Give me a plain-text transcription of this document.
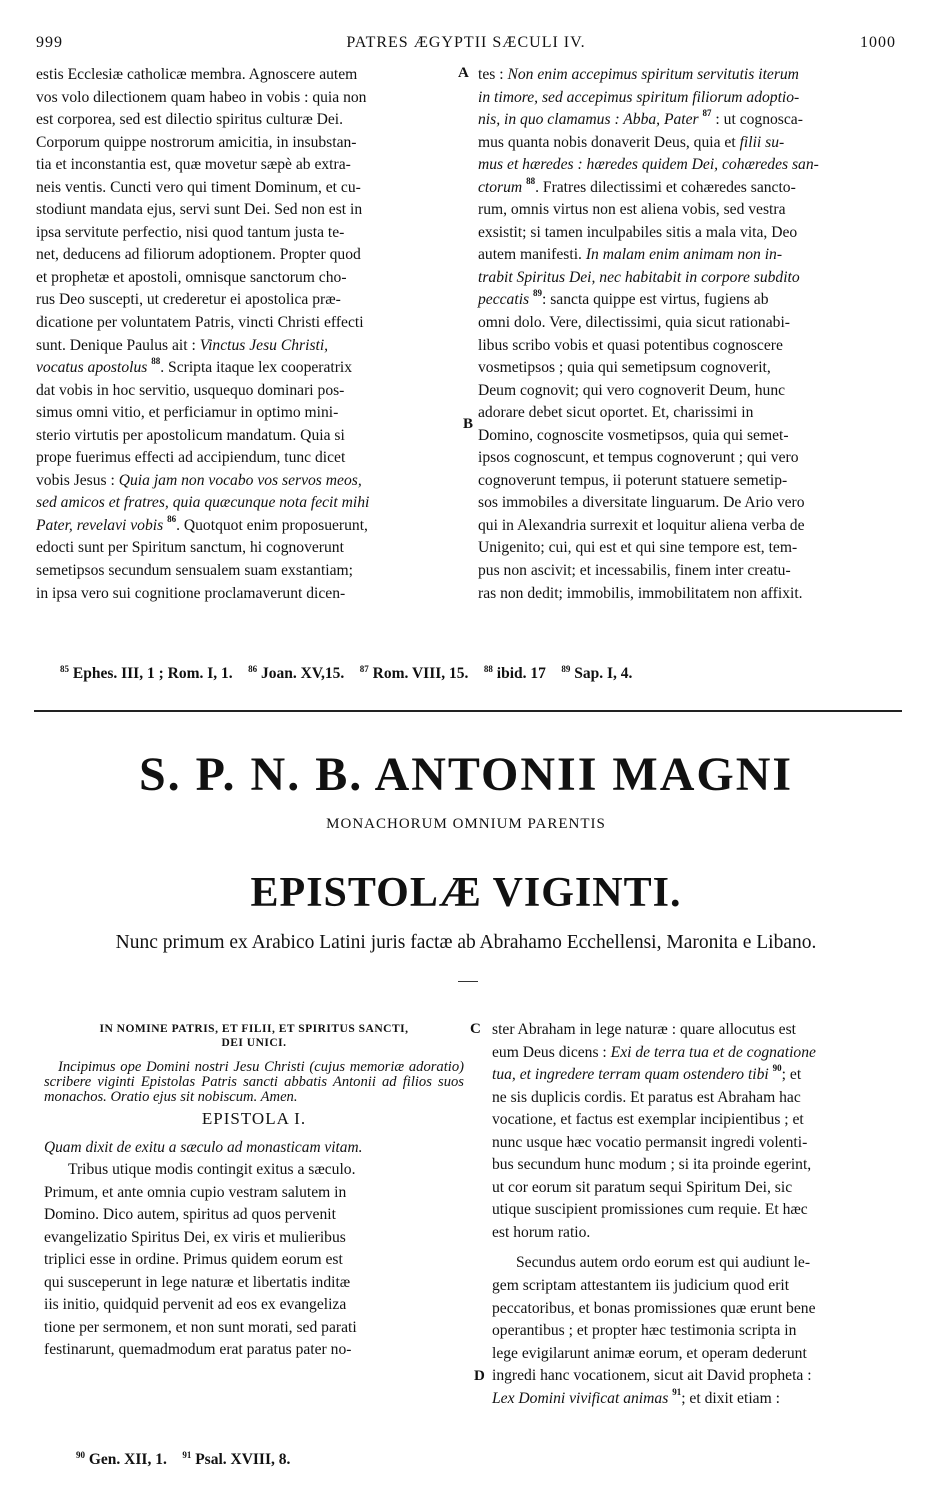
999	PATRES ÆGYPTII SÆCULI IV.	1000

estis Ecclesiæ catholicæ membra. Agnoscere autem

vos volo dilectionem quam habeo in vobis : quia non

est corporea, sed est dilectio spiritus culturæ Dei.

Corporum quippe nostrorum amicitia, in insubstan-

tia et inconstantia est, quæ movetur sæpè ab extra-

neis ventis. Cuncti vero qui timent Dominum, et cu-

stodiunt mandata ejus, servi sunt Dei. Sed non est in

ipsa servitute perfectio, nisi quod tantum justa te-

net, deducens ad filiorum adoptionem. Propter quod

et prophetæ et apostoli, omnisque sanctorum cho-

rus Deo suscepti, ut crederetur ei apostolica præ-

dicatione per voluntatem Patris, vincti Christi effecti

sunt. Denique Paulus ait : Vinctus Jesu Christi,

vocatus apostolus $^{88}$. Scripta itaque lex cooperatrix

dat vobis in hoc servitio, usquequo dominari pos-

simus omni vitio, et perficiamur in optimo mini-

sterio virtutis per apostolicum mandatum. Quia si

prope fuerimus effecti ad accipiendum, tunc dicet

vobis Jesus : Quia jam non vocabo vos servos meos,

sed amicos et fratres, quia quæcunque nota fecit mihi

Pater, revelavi vobis $^{86}$. Quotquot enim proposuerunt,

edocti sunt per Spiritum sanctum, hi cognoverunt

semetipsos secundum sensualem suam exstantiam;

in ipsa vero sui cognitione proclamaverunt dicen-

A
B

tes : Non enim accepimus spiritum servitutis iterum

in timore, sed accepimus spiritum filiorum adoptio-

nis, in quo clamamus : Abba, Pater $^{87}$ : ut cognosca-

mus quanta nobis donaverit Deus, quia et filii su-

mus et hæredes : hæredes quidem Dei, cohæredes san-

ctorum $^{88}$. Fratres dilectissimi et cohæredes sancto-

rum, omnis virtus non est aliena vobis, sed vestra

exsistit; si tamen inculpabiles sitis a mala vita, Deo

autem manifesti. In malam enim animam non in-

trabit Spiritus Dei, nec habitabit in corpore subdito

peccatis $^{89}$: sancta quippe est virtus, fugiens ab

omni dolo. Vere, dilectissimi, quia sicut rationabi-

libus scribo vobis et quasi potentibus cognoscere

vosmetipsos ; quia qui semetipsum cognoverit,

Deum cognovit; qui vero cognoverit Deum, hunc

adorare debet sicut oportet. Et, charissimi in

Domino, cognoscite vosmetipsos, quia qui semet-

ipsos cognoscunt, et tempus cognoverunt ; qui vero

cognoverunt tempus, ii poterunt statuere semetip-

sos immobiles a diversitate linguarum. De Ario vero

qui in Alexandria surrexit et loquitur aliena verba de

Unigenito; cui, qui est et qui sine tempore est, tem-

pus non ascivit; et incessabilis, finem inter creatu-

ras non dedit; immobilis, immobilitatem non affixit.

$^{85}$ Ephes. III, 1 ; Rom. I, 1. $^{86}$ Joan. XV,15. $^{87}$ Rom. VIII, 15. $^{88}$ ibid. 17 $^{89}$ Sap. I, 4.
S. P. N. B. ANTONII MAGNI
MONACHORUM OMNIUM PARENTIS
EPISTOLÆ VIGINTI.
Nunc primum ex Arabico Latini juris factæ ab Abrahamo Ecchellensi, Maronita e Libano.
IN NOMINE PATRIS, ET FILII, ET SPIRITUS SANCTI,
DEI UNICI.
Incipimus ope Domini nostri Jesu Christi (cujus memoriæ adoratio) scribere viginti Epistolas Patris sancti abbatis Antonii ad filios suos monachos. Oratio ejus sit nobiscum. Amen.
EPISTOLA I.
Quam dixit de exitu a sæculo ad monasticam vitam.

Tribus utique modis contingit exitus a sæculo.

Primum, et ante omnia cupio vestram salutem in

Domino. Dico autem, spiritus ad quos pervenit

evangelizatio Spiritus Dei, ex viris et mulieribus

triplici esse in ordine. Primus quidem eorum est

qui susceperunt in lege naturæ et libertatis inditæ

iis initio, quidquid pervenit ad eos ex evangeliza

tione per sermonem, et non sunt morati, sed parati

festinarunt, quemadmodum erat paratus pater no-

C
D

ster Abraham in lege naturæ : quare allocutus est

eum Deus dicens : Exi de terra tua et de cognatione

tua, et ingredere terram quam ostendero tibi $^{90}$; et

ne sis duplicis cordis. Et paratus est Abraham hac

vocatione, et factus est exemplar incipientibus ; et

nunc usque hæc vocatio permansit ingredi volenti-

bus secundum hunc modum ; si ita proinde egerint,

ut cor eorum sit paratum sequi Spiritum Dei, sic

utique suscipient promissiones cum requie. Et hæc

est horum ratio.

Secundus autem ordo eorum est qui audiunt le-

gem scriptam attestantem iis judicium quod erit

peccatoribus, et bonas promissiones quæ erunt bene

operantibus ; et propter hæc testimonia scripta in

lege evigilarunt animæ eorum, et operam dederunt

ingredi hanc vocationem, sicut ait David propheta :

Lex Domini vivificat animas $^{91}$; et dixit etiam :

$^{90}$ Gen. XII, 1. $^{91}$ Psal. XVIII, 8.
